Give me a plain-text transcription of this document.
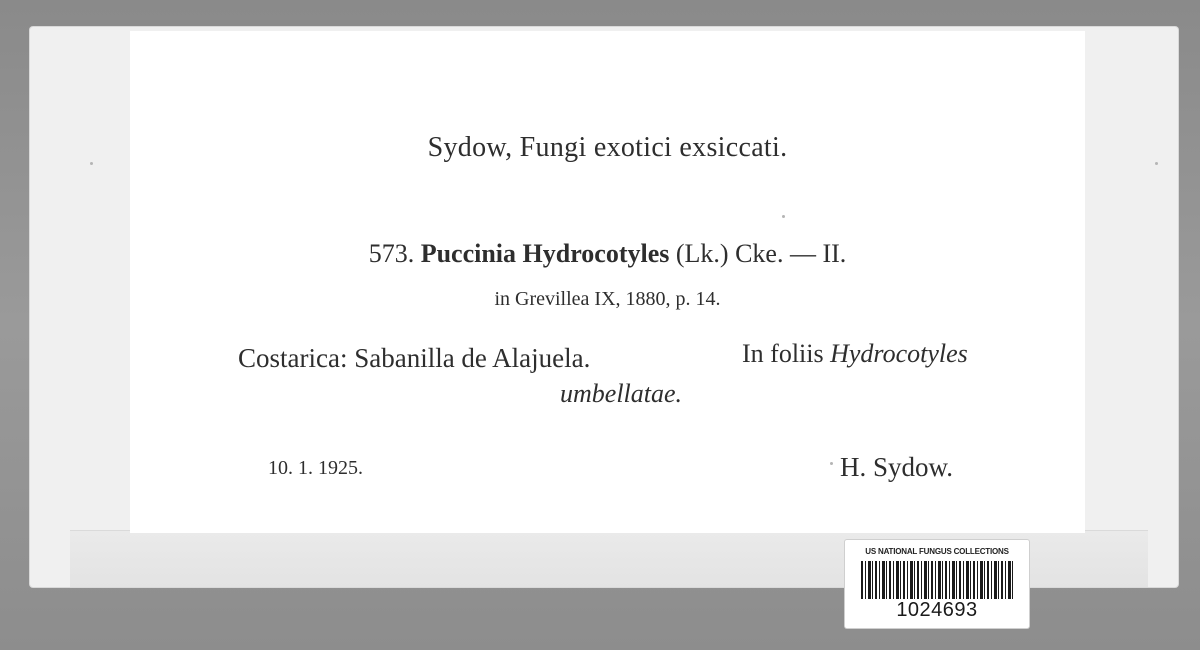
Sydow, Fungi exotici exsiccati.
573. Puccinia Hydrocotyles (Lk.) Cke. — II.
in Grevillea IX, 1880, p. 14.
Costarica: Sabanilla de Alajuela.	In foliis Hydrocotyles
umbellatae.
10. 1. 1925.	H. Sydow.
US NATIONAL FUNGUS COLLECTIONS
1024693
